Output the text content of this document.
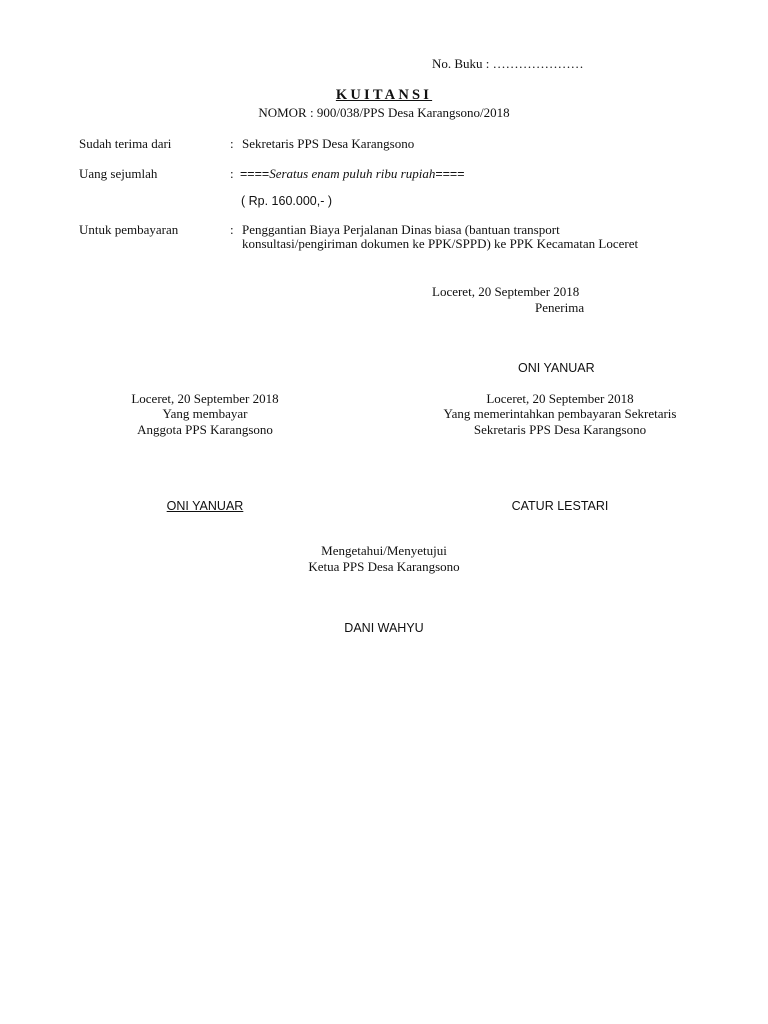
No. Buku : …………………
KUITANSI
NOMOR : 900/038/PPS Desa Karangsono/2018
Sudah terima dari	: Sekretaris PPS Desa Karangsono
Uang sejumlah	: ====Seratus enam puluh ribu rupiah====
( Rp. 160.000,- )
Untuk pembayaran	: Penggantian Biaya Perjalanan Dinas biasa (bantuan transport
konsultasi/pengiriman dokumen ke PPK/SPPD) ke PPK Kecamatan Loceret
Loceret, 20 September 2018
Penerima
ONI YANUAR
Loceret, 20 September 2018
Yang membayar
Anggota PPS Karangsono
ONI YANUAR
Loceret, 20 September 2018
Yang memerintahkan pembayaran Sekretaris
Sekretaris PPS Desa Karangsono
CATUR LESTARI
Mengetahui/Menyetujui
Ketua PPS Desa Karangsono
DANI WAHYU
